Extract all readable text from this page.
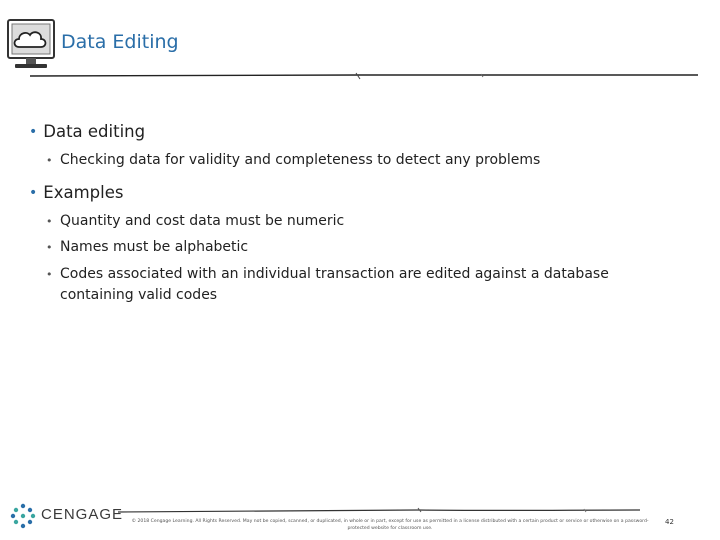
Data Editing
• Data editing
• Checking data for validity and completeness to detect any problems
• Examples
• Quantity and cost data must be numeric
• Names must be alphabetic
• Codes associated with an individual transaction are edited against a database containing valid codes
CENGAGE	© 2018 Cengage Learning. All Rights Reserved. May not be copied, scanned, or duplicated, in whole or in part, except for use as permitted in a license distributed with a certain product or service or otherwise on a password-protected website for classroom use.
42
